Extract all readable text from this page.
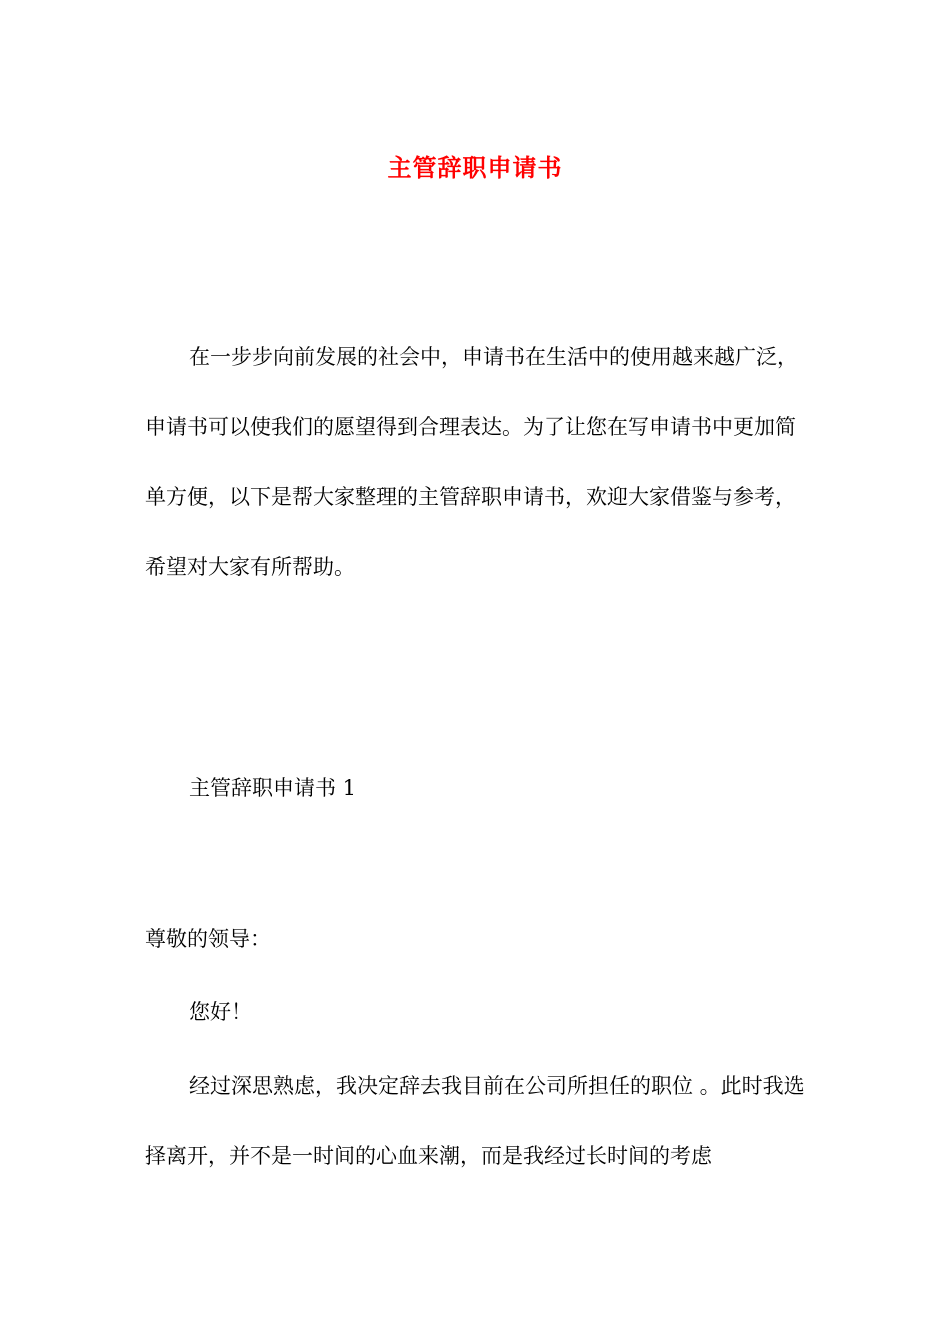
主管辞职申请书

在一步步向前发展的社会中，申请书在生活中的使用越来越广泛，申请书可以使我们的愿望得到合理表达。为了让您在写申请书中更加简单方便，以下是帮大家整理的主管辞职申请书，欢迎大家借鉴与参考，希望对大家有所帮助。

主管辞职申请书 1

尊敬的领导：

您好！

经过深思熟虑，我决定辞去我目前在公司所担任的职位 。此时我选择离开，并不是一时间的心血来潮，而是我经过长时间的考虑
